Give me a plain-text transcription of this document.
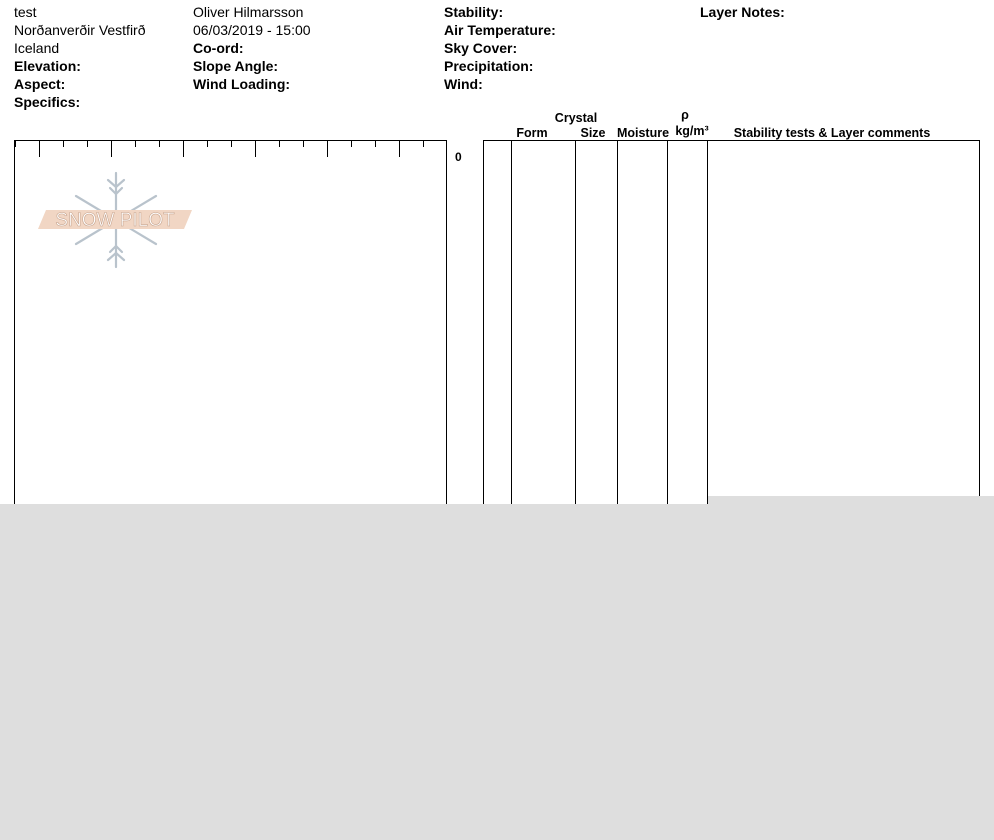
test
Norðanverðir Vestfirð
Iceland
Elevation:
Aspect:
Specifics:
Oliver Hilmarsson
06/03/2019 - 15:00
Co-ord:
Slope Angle:
Wind Loading:
Stability:
Air Temperature:
Sky Cover:
Precipitation:
Wind:
Layer Notes:
0
SNOW PILOT
Crystal
Form	Size Moisture
ρ
kg/m³	Stability tests & Layer comments
